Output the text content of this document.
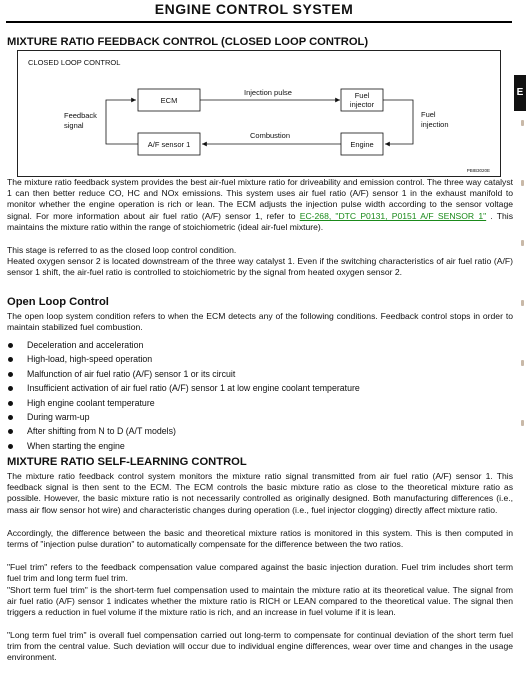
ENGINE CONTROL SYSTEM
E
MIXTURE RATIO FEEDBACK CONTROL (CLOSED LOOP CONTROL)
CLOSED LOOP CONTROL
ECM
Fuel
injector
A/F sensor 1	Engine
Injection pulse
Fuel
injection
Combustion
Feedback
signal
PBIB3020E
The mixture ratio feedback system provides the best air-fuel mixture ratio for driveability and emission control. The three way catalyst 1 can then better reduce CO, HC and NOx emissions. This system uses air fuel ratio (A/F) sensor 1 in the exhaust manifold to monitor whether the engine operation is rich or lean. The ECM adjusts the injection pulse width according to the sensor voltage signal. For more information about air fuel ratio (A/F) sensor 1, refer to EC-268, "DTC P0131, P0151 A/F SENSOR 1" . This maintains the mixture ratio within the range of stoichiometric (ideal air-fuel mixture).
This stage is referred to as the closed loop control condition.
Heated oxygen sensor 2 is located downstream of the three way catalyst 1. Even if the switching characteristics of air fuel ratio (A/F) sensor 1 shift, the air-fuel ratio is controlled to stoichiometric by the signal from heated oxygen sensor 2.
Open Loop Control
The open loop system condition refers to when the ECM detects any of the following conditions. Feedback control stops in order to maintain stabilized fuel combustion.
Deceleration and acceleration
High-load, high-speed operation
Malfunction of air fuel ratio (A/F) sensor 1 or its circuit
Insufficient activation of air fuel ratio (A/F) sensor 1 at low engine coolant temperature
High engine coolant temperature
During warm-up
After shifting from N to D (A/T models)
When starting the engine
MIXTURE RATIO SELF-LEARNING CONTROL
The mixture ratio feedback control system monitors the mixture ratio signal transmitted from air fuel ratio (A/F) sensor 1. This feedback signal is then sent to the ECM. The ECM controls the basic mixture ratio as close to the theoretical mixture ratio as possible. However, the basic mixture ratio is not necessarily controlled as originally designed. Both manufacturing differences (i.e., mass air flow sensor hot wire) and characteristic changes during operation (i.e., fuel injector clogging) directly affect mixture ratio.
Accordingly, the difference between the basic and theoretical mixture ratios is monitored in this system. This is then computed in terms of "injection pulse duration" to automatically compensate for the difference between the two ratios.
"Fuel trim" refers to the feedback compensation value compared against the basic injection duration. Fuel trim includes short term fuel trim and long term fuel trim.
"Short term fuel trim" is the short-term fuel compensation used to maintain the mixture ratio at its theoretical value. The signal from air fuel ratio (A/F) sensor 1 indicates whether the mixture ratio is RICH or LEAN compared to the theoretical value. The signal then triggers a reduction in fuel volume if the mixture ratio is rich, and an increase in fuel volume if it is lean.
"Long term fuel trim" is overall fuel compensation carried out long-term to compensate for continual deviation of the short term fuel trim from the central value. Such deviation will occur due to individual engine differences, wear over time and changes in the usage environment.
